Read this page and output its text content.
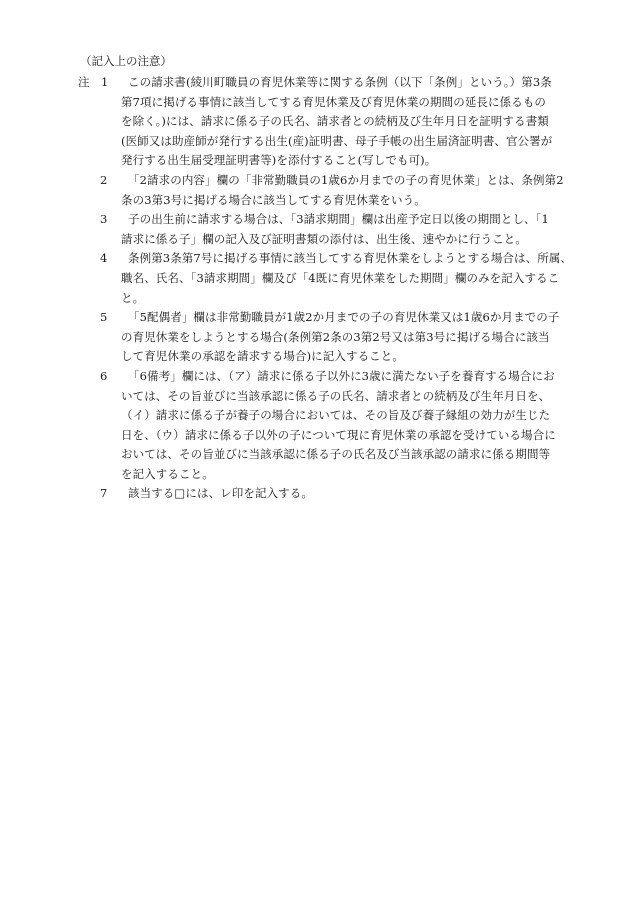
（記入上の注意）
注 1 この請求書(綾川町職員の育児休業等に関する条例（以下「条例」という。）第3条
第7項に掲げる事情に該当してする育児休業及び育児休業の期間の延長に係るもの
を除く。)には、請求に係る子の氏名、請求者との続柄及び生年月日を証明する書類
(医師又は助産師が発行する出生(産)証明書、母子手帳の出生届済証明書、官公署が
発行する出生届受理証明書等)を添付すること(写しでも可)。
2 「2請求の内容」欄の「非常勤職員の1歳6か月までの子の育児休業」とは、条例第2
条の3第3号に掲げる場合に該当してする育児休業をいう。
3 子の出生前に請求する場合は、「3請求期間」欄は出産予定日以後の期間とし、「1
請求に係る子」欄の記入及び証明書類の添付は、出生後、速やかに行うこと。
4 条例第3条第7号に掲げる事情に該当してする育児休業をしようとする場合は、所属、
職名、氏名、「3請求期間」欄及び「4既に育児休業をした期間」欄のみを記入するこ
と。
5 「5配偶者」欄は非常勤職員が1歳2か月までの子の育児休業又は1歳6か月までの子
の育児休業をしようとする場合(条例第2条の3第2号又は第3号に掲げる場合に該当
して育児休業の承認を請求する場合)に記入すること。
6 「6備考」欄には、（ア）請求に係る子以外に3歳に満たない子を養育する場合にお
いては、その旨並びに当該承認に係る子の氏名、請求者との続柄及び生年月日を、
（イ）請求に係る子が養子の場合においては、その旨及び養子縁組の効力が生じた
日を、（ウ）請求に係る子以外の子について現に育児休業の承認を受けている場合に
おいては、その旨並びに当該承認に係る子の氏名及び当該承認の請求に係る期間等
を記入すること。
7 該当する□には、レ印を記入する。
